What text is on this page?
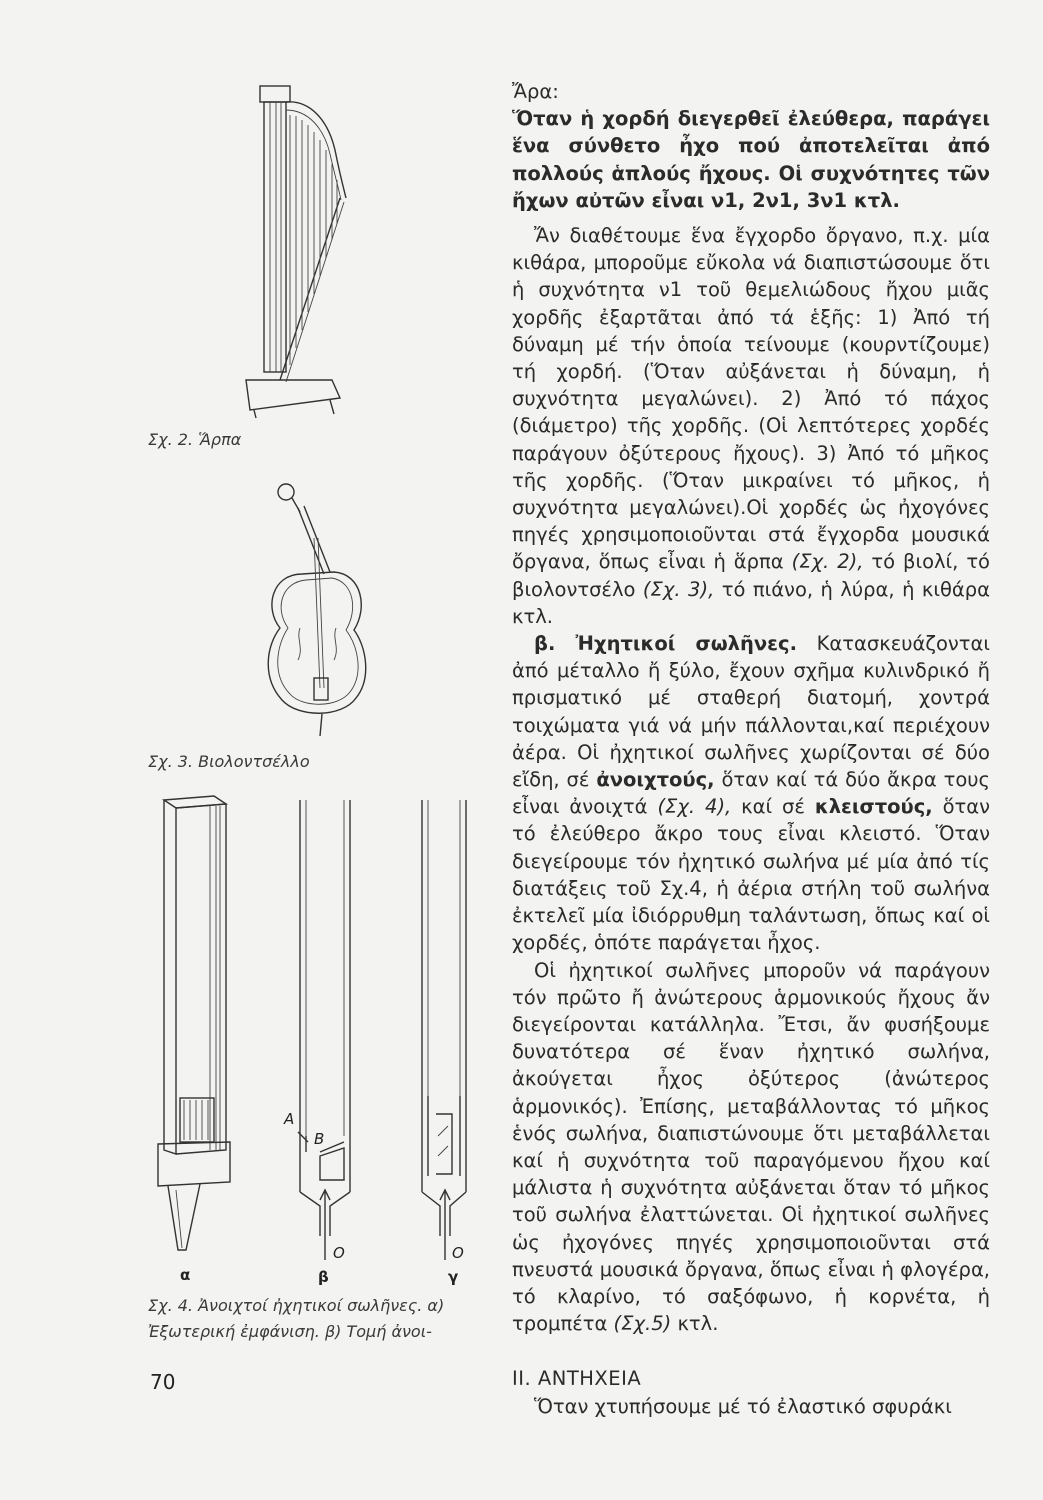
Σχ. 2. Ἅρπα
Σχ. 3. Βιολοντσέλλο
A
B
O	O
α	β	γ
Σχ. 4. Ἀνοιχτοί ἠχητικοί σωλῆνες. α)
Ἐξωτερική ἐμφάνιση. β) Τομή ἀνοι-
70

Ἄρα:

Ὅταν ἡ χορδή διεγερθεῖ ἐλεύθερα, παράγει ἕνα σύνθετο ἦχο πού ἀποτελεῖται ἀπό πολλούς ἁπλούς ἤχους. Οἱ συχνότητες τῶν ἤχων αὐτῶν εἶναι ν1, 2ν1, 3ν1 κτλ.

Ἄν διαθέτουμε ἕνα ἔγχορδο ὄργανο, π.χ. μία κιθάρα, μποροῦμε εὔκολα νά διαπιστώσουμε ὅτι ἡ συχνότητα ν1 τοῦ θεμελιώδους ἤχου μιᾶς χορδῆς ἐξαρτᾶται ἀπό τά ἑξῆς: 1) Ἀπό τή δύναμη μέ τήν ὁποία τείνουμε (κουρντίζουμε) τή χορδή. (Ὅταν αὐξάνεται ἡ δύναμη, ἡ συχνότητα μεγαλώνει). 2) Ἀπό τό πάχος (διάμετρο) τῆς χορδῆς. (Οἱ λεπτότερες χορδές παράγουν ὀξύτερους ἤχους). 3) Ἀπό τό μῆκος τῆς χορδῆς. (Ὅταν μικραίνει τό μῆκος, ἡ συχνότητα μεγαλώνει).Οἱ χορδές ὡς ἠχογόνες πηγές χρησιμοποιοῦνται στά ἔγχορδα μουσικά ὄργανα, ὅπως εἶναι ἡ ἅρπα (Σχ. 2), τό βιολί, τό βιολοντσέλο (Σχ. 3), τό πιάνο, ἡ λύρα, ἡ κιθάρα κτλ.

β. Ἠχητικοί σωλῆνες. Κατασκευάζονται ἀπό μέταλλο ἤ ξύλο, ἔχουν σχῆμα κυλινδρικό ἤ πρισματικό μέ σταθερή διατομή, χοντρά τοιχώματα γιά νά μήν πάλλονται,καί περιέχουν ἀέρα. Οἱ ἠχητικοί σωλῆνες χωρίζονται σέ δύο εἴδη, σέ ἀνοιχτούς, ὅταν καί τά δύο ἄκρα τους εἶναι ἀνοιχτά (Σχ. 4), καί σέ κλειστούς, ὅταν τό ἐλεύθερο ἄκρο τους εἶναι κλειστό. Ὅταν διεγείρουμε τόν ἠχητικό σωλήνα μέ μία ἀπό τίς διατάξεις τοῦ Σχ.4, ἡ ἀέρια στήλη τοῦ σωλήνα ἐκτελεῖ μία ἰδιόρρυθμη ταλάντωση, ὅπως καί οἱ χορδές, ὁπότε παράγεται ἦχος.

Οἱ ἠχητικοί σωλῆνες μποροῦν νά παράγουν τόν πρῶτο ἤ ἀνώτερους ἁρμονικούς ἤχους ἄν διεγείρονται κατάλληλα. Ἔτσι, ἄν φυσήξουμε δυνατότερα σέ ἕναν ἠχητικό σωλήνα, ἀκούγεται ἦχος ὀξύτερος (ἀνώτερος ἁρμονικός). Ἐπίσης, μεταβάλλοντας τό μῆκος ἑνός σωλήνα, διαπιστώνουμε ὅτι μεταβάλλεται καί ἡ συχνότητα τοῦ παραγόμενου ἤχου καί μάλιστα ἡ συχνότητα αὐξάνεται ὅταν τό μῆκος τοῦ σωλήνα ἐλαττώνεται. Οἱ ἠχητικοί σωλῆνες ὡς ἠχογόνες πηγές χρησιμοποιοῦνται στά πνευστά μουσικά ὄργανα, ὅπως εἶναι ἡ φλογέρα, τό κλαρίνο, τό σαξόφωνο, ἡ κορνέτα, ἡ τρομπέτα (Σχ.5) κτλ.

ΙΙ. ΑΝΤΗΧΕΙΑ

Ὅταν χτυπήσουμε μέ τό ἐλαστικό σφυράκι
